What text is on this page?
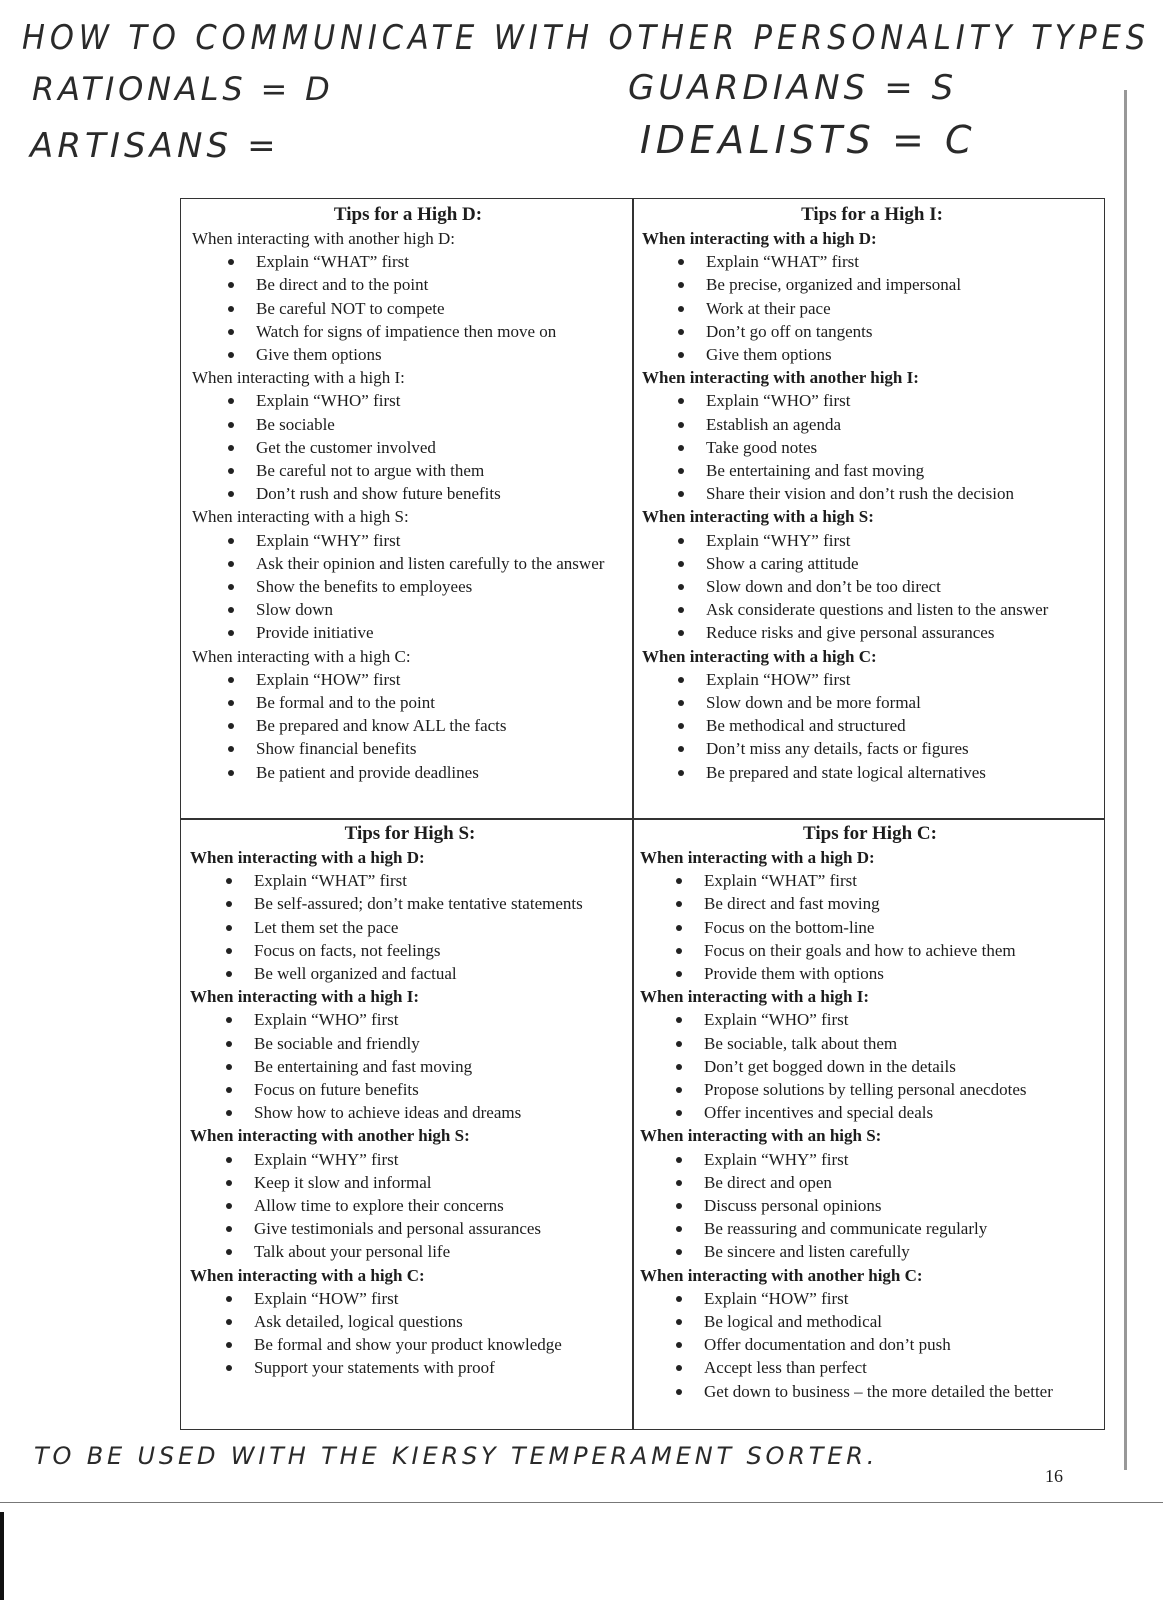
HOW TO COMMUNICATE WITH OTHER PERSONALITY TYPES
RATIONALS = D	GUARDIANS = S
ARTISANS =	IDEALISTS = C
Tips for a High D:

When interacting with another high D:

Explain “WHAT” first
Be direct and to the point
Be careful NOT to compete
Watch for signs of impatience then move on
Give them options

When interacting with a high I:

Explain “WHO” first
Be sociable
Get the customer involved
Be careful not to argue with them
Don’t rush and show future benefits

When interacting with a high S:

Explain “WHY” first
Ask their opinion and listen carefully to the answer
Show the benefits to employees
Slow down
Provide initiative

When interacting with a high C:

Explain “HOW” first
Be formal and to the point
Be prepared and know ALL the facts
Show financial benefits
Be patient and provide deadlines
Tips for a High I:

When interacting with a high D:

Explain “WHAT” first
Be precise, organized and impersonal
Work at their pace
Don’t go off on tangents
Give them options

When interacting with another high I:

Explain “WHO” first
Establish an agenda
Take good notes
Be entertaining and fast moving
Share their vision and don’t rush the decision

When interacting with a high S:

Explain “WHY” first
Show a caring attitude
Slow down and don’t be too direct
Ask considerate questions and listen to the answer
Reduce risks and give personal assurances

When interacting with a high C:

Explain “HOW” first
Slow down and be more formal
Be methodical and structured
Don’t miss any details, facts or figures
Be prepared and state logical alternatives
Tips for High S:

When interacting with a high D:

Explain “WHAT” first
Be self-assured; don’t make tentative statements
Let them set the pace
Focus on facts, not feelings
Be well organized and factual

When interacting with a high I:

Explain “WHO” first
Be sociable and friendly
Be entertaining and fast moving
Focus on future benefits
Show how to achieve ideas and dreams

When interacting with another high S:

Explain “WHY” first
Keep it slow and informal
Allow time to explore their concerns
Give testimonials and personal assurances
Talk about your personal life

When interacting with a high C:

Explain “HOW” first
Ask detailed, logical questions
Be formal and show your product knowledge
Support your statements with proof
Tips for High C:

When interacting with a high D:

Explain “WHAT” first
Be direct and fast moving
Focus on the bottom-line
Focus on their goals and how to achieve them
Provide them with options

When interacting with a high I:

Explain “WHO” first
Be sociable, talk about them
Don’t get bogged down in the details
Propose solutions by telling personal anecdotes
Offer incentives and special deals

When interacting with an high S:

Explain “WHY” first
Be direct and open
Discuss personal opinions
Be reassuring and communicate regularly
Be sincere and listen carefully

When interacting with another high C:

Explain “HOW” first
Be logical and methodical
Offer documentation and don’t push
Accept less than perfect
Get down to business – the more detailed the better
TO BE USED WITH THE KIERSY TEMPERAMENT SORTER.
16
